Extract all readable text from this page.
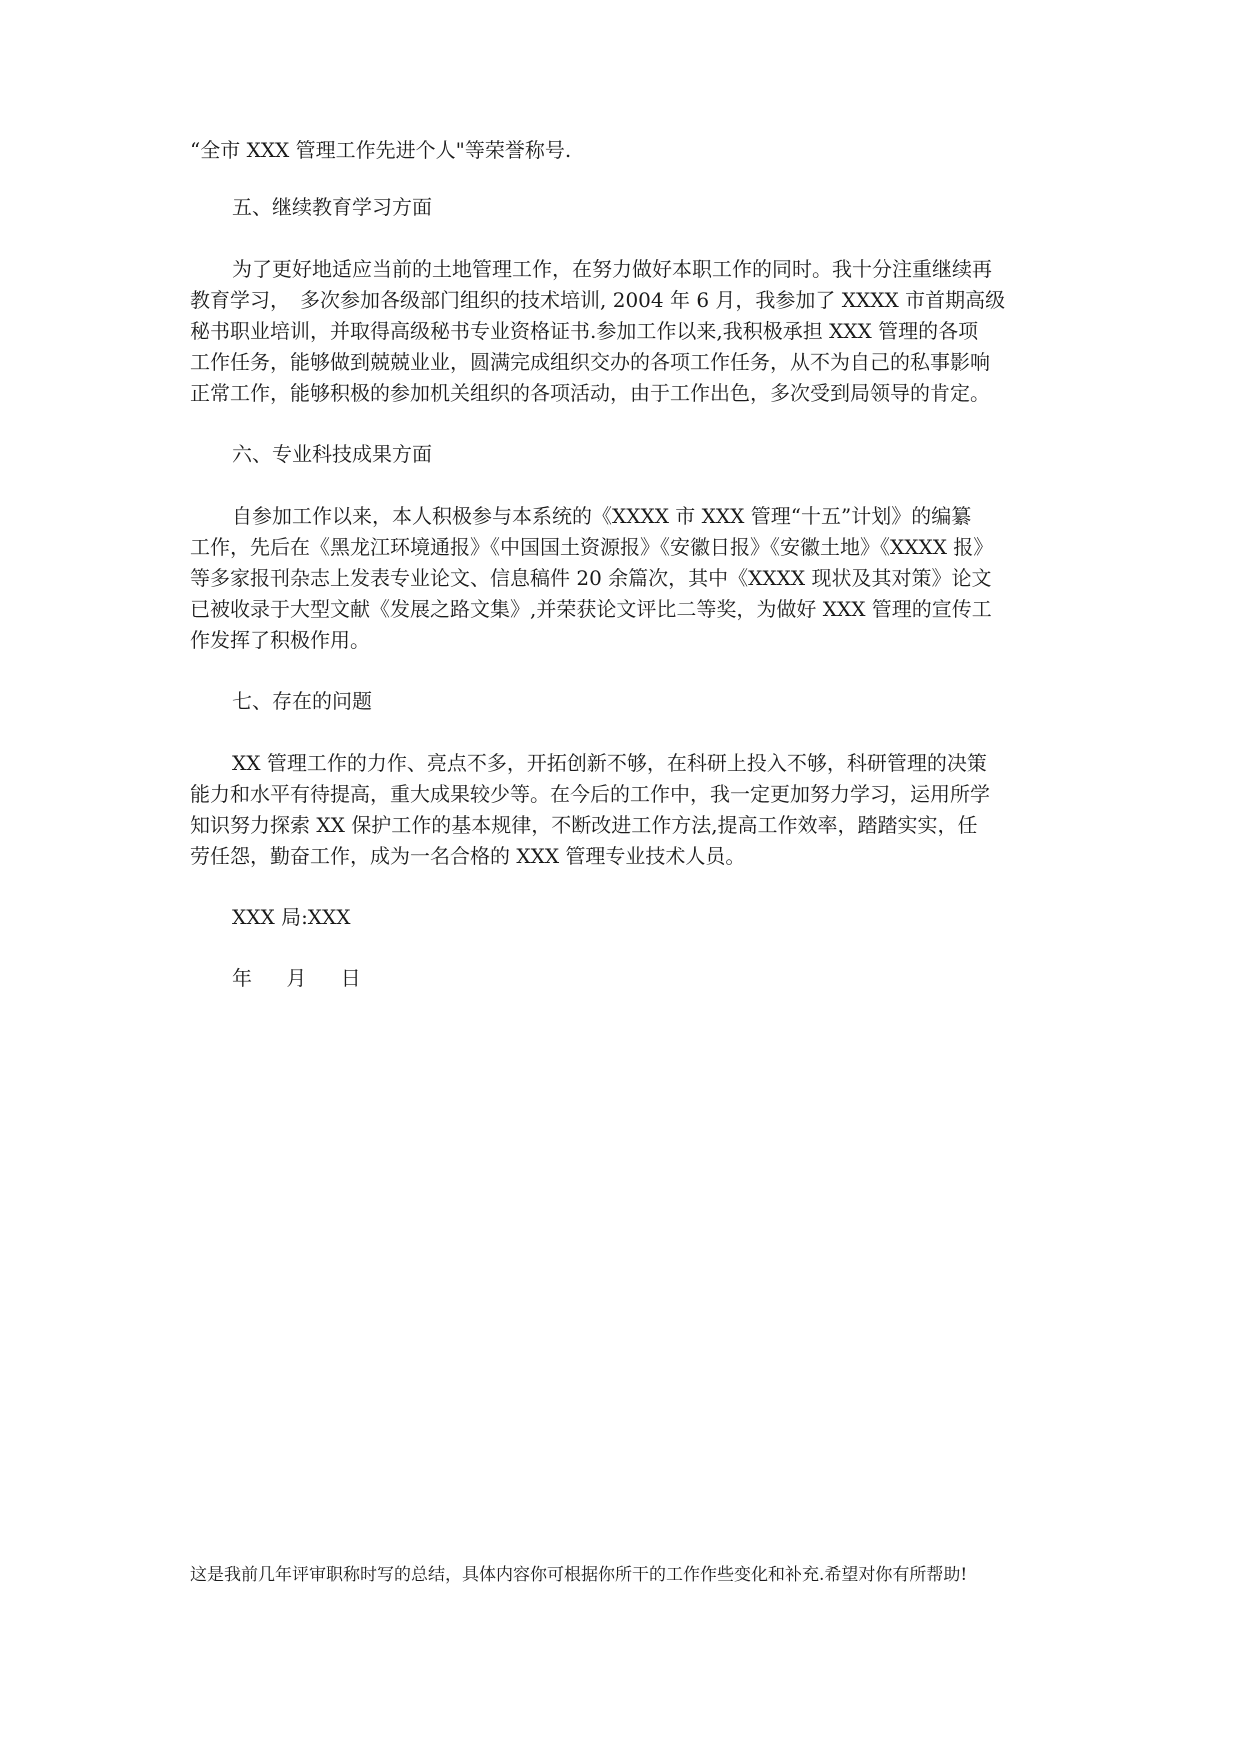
“全市 XXX 管理工作先进个人"等荣誉称号.
五、继续教育学习方面
为了更好地适应当前的土地管理工作，在努力做好本职工作的同时。我十分注重继续再
教育学习，　多次参加各级部门组织的技术培训, 2004 年 6 月，我参加了 XXXX 市首期高级
秘书职业培训，并取得高级秘书专业资格证书.参加工作以来,我积极承担 XXX 管理的各项
工作任务，能够做到兢兢业业，圆满完成组织交办的各项工作任务，从不为自己的私事影响
正常工作，能够积极的参加机关组织的各项活动，由于工作出色，多次受到局领导的肯定。
六、专业科技成果方面
自参加工作以来，本人积极参与本系统的《XXXX 市 XXX 管理“十五”计划》的编纂
工作，先后在《黑龙江环境通报》《中国国土资源报》《安徽日报》《安徽土地》《XXXX 报》
等多家报刊杂志上发表专业论文、信息稿件 20 余篇次，其中《XXXX 现状及其对策》论文
已被收录于大型文献《发展之路文集》,并荣获论文评比二等奖，为做好 XXX 管理的宣传工
作发挥了积极作用。
七、存在的问题
XX 管理工作的力作、亮点不多，开拓创新不够，在科研上投入不够，科研管理的决策
能力和水平有待提高，重大成果较少等。在今后的工作中，我一定更加努力学习，运用所学
知识努力探索 XX 保护工作的基本规律，不断改进工作方法,提高工作效率，踏踏实实，任
劳任怨，勤奋工作，成为一名合格的 XXX 管理专业技术人员。
XXX 局:XXX
年 月 日
这是我前几年评审职称时写的总结，具体内容你可根据你所干的工作作些变化和补充.希望对你有所帮助!
